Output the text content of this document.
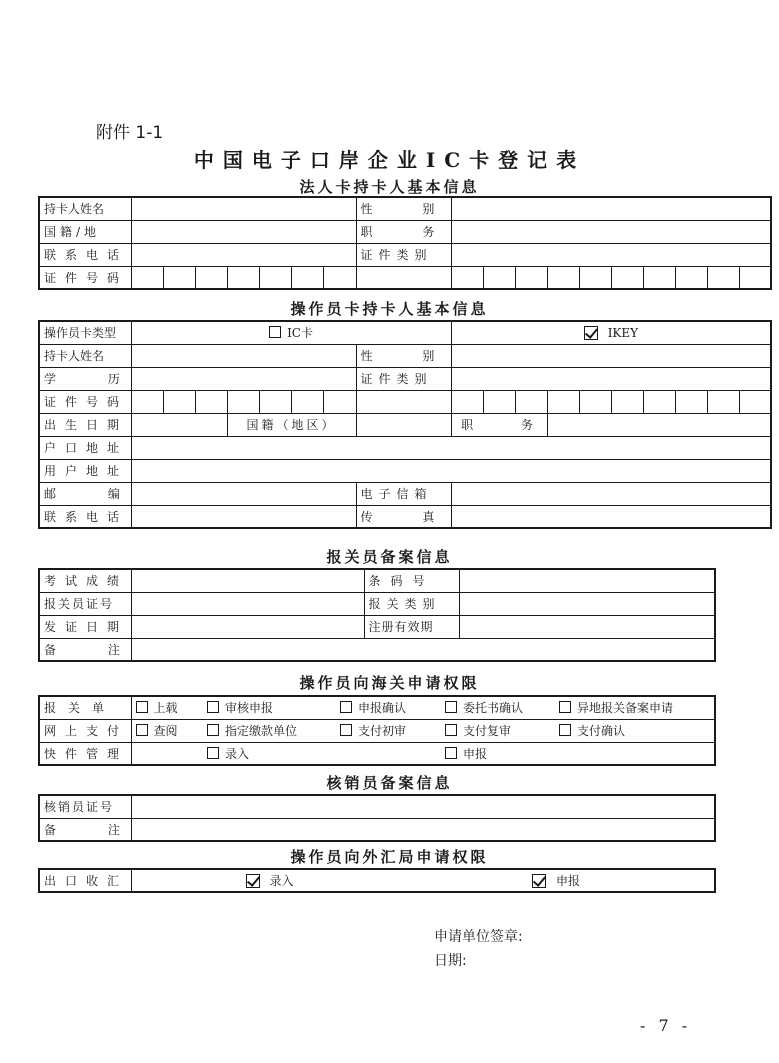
附件 1-1
中国电子口岸企业IC卡登记表
法人卡持卡人基本信息
持卡人姓名								性 别										
国籍/地								职 务										
联系电话								证件类别										
证件号码																		
操作员卡持卡人基本信息
操作员卡类型	IC卡								IKEY									
持卡人姓名								性 别										
学 历								证件类别										
证件号码																		
出生日期				国籍（地区）					职 务									
户口地址																		
用户地址																		
邮 编								电子信箱										
联系电话								传 真										
报关员备案信息
考试成绩		条码号	
报关员证号		报关类别	
发证日期		注册有效期	
备 注			
操作员向海关申请权限
报关单	上载	审核申报	申报确认	委托书确认	异地报关备案申请
网上支付	查阅	指定缴款单位	支付初审	支付复审	支付确认
快件管理		录入		申报	
核销员备案信息
核销员证号	
备 注	
操作员向外汇局申请权限
出口收汇	录入	申报
申请单位签章:
日期:
- 7 -
